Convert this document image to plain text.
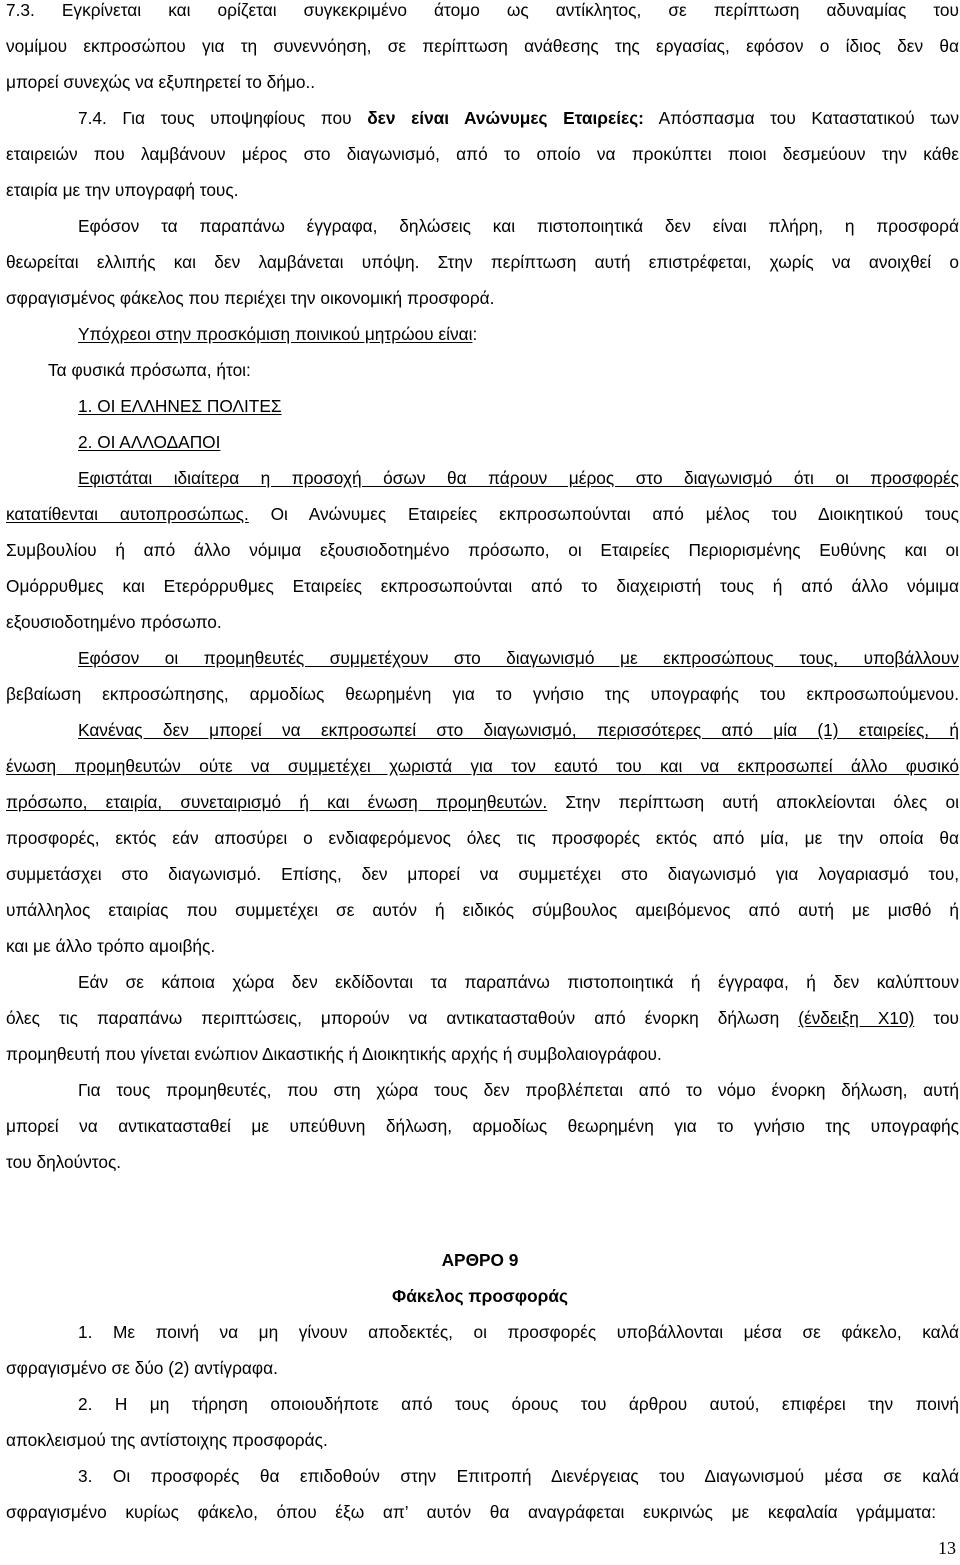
7.3. Εγκρίνεται και ορίζεται συγκεκριμένο άτομο ως αντίκλητος, σε περίπτωση αδυναμίας του
νομίμου εκπροσώπου για τη συνεννόηση, σε περίπτωση ανάθεσης της εργασίας, εφόσον ο ίδιος δεν θα
μπορεί συνεχώς να εξυπηρετεί το δήμο..
7.4. Για τους υποψηφίους που δεν είναι Ανώνυμες Εταιρείες: Απόσπασμα του Καταστατικού των
εταιρειών που λαμβάνουν μέρος στο διαγωνισμό, από το οποίο να προκύπτει ποιοι δεσμεύουν την κάθε
εταιρία με την υπογραφή τους.
Εφόσον τα παραπάνω έγγραφα, δηλώσεις και πιστοποιητικά δεν είναι πλήρη, η προσφορά
θεωρείται ελλιπής και δεν λαμβάνεται υπόψη. Στην περίπτωση αυτή επιστρέφεται, χωρίς να ανοιχθεί ο
σφραγισμένος φάκελος που περιέχει την οικονομική προσφορά.
Υπόχρεοι στην προσκόμιση ποινικού μητρώου είναι:
Τα φυσικά πρόσωπα, ήτοι:
1. ΟΙ ΕΛΛΗΝΕΣ ΠΟΛΙΤΕΣ
2. ΟΙ ΑΛΛΟΔΑΠΟΙ
Εφιστάται ιδιαίτερα η προσοχή όσων θα πάρουν μέρος στο διαγωνισμό ότι οι προσφορές
κατατίθενται αυτοπροσώπως. Οι Ανώνυμες Εταιρείες εκπροσωπούνται από μέλος του Διοικητικού τους
Συμβουλίου ή από άλλο νόμιμα εξουσιοδοτημένο πρόσωπο, οι Εταιρείες Περιορισμένης Ευθύνης και οι
Ομόρρυθμες και Ετερόρρυθμες Εταιρείες εκπροσωπούνται από το διαχειριστή τους ή από άλλο νόμιμα
εξουσιοδοτημένο πρόσωπο.
Εφόσον οι προμηθευτές συμμετέχουν στο διαγωνισμό με εκπροσώπους τους, υποβάλλουν
βεβαίωση εκπροσώπησης, αρμοδίως θεωρημένη για το γνήσιο της υπογραφής του εκπροσωπούμενου.
Κανένας δεν μπορεί να εκπροσωπεί στο διαγωνισμό, περισσότερες από μία (1) εταιρείες, ή
ένωση προμηθευτών ούτε να συμμετέχει χωριστά για τον εαυτό του και να εκπροσωπεί άλλο φυσικό
πρόσωπο, εταιρία, συνεταιρισμό ή και ένωση προμηθευτών. Στην περίπτωση αυτή αποκλείονται όλες οι
προσφορές, εκτός εάν αποσύρει ο ενδιαφερόμενος όλες τις προσφορές εκτός από μία, με την οποία θα
συμμετάσχει στο διαγωνισμό. Επίσης, δεν μπορεί να συμμετέχει στο διαγωνισμό για λογαριασμό του,
υπάλληλος εταιρίας που συμμετέχει σε αυτόν ή ειδικός σύμβουλος αμειβόμενος από αυτή με μισθό ή
και με άλλο τρόπο αμοιβής.
Εάν σε κάποια χώρα δεν εκδίδονται τα παραπάνω πιστοποιητικά ή έγγραφα, ή δεν καλύπτουν
όλες τις παραπάνω περιπτώσεις, μπορούν να αντικατασταθούν από ένορκη δήλωση (ένδειξη Χ10) του
προμηθευτή που γίνεται ενώπιον Δικαστικής ή Διοικητικής αρχής ή συμβολαιογράφου.
Για τους προμηθευτές, που στη χώρα τους δεν προβλέπεται από το νόμο ένορκη δήλωση, αυτή
μπορεί να αντικατασταθεί με υπεύθυνη δήλωση, αρμοδίως θεωρημένη για το γνήσιο της υπογραφής
του δηλούντος.
ΑΡΘΡΟ 9
Φάκελος προσφοράς
1. Με ποινή να μη γίνουν αποδεκτές, οι προσφορές υποβάλλονται μέσα σε φάκελο, καλά
σφραγισμένο σε δύο (2) αντίγραφα.
2. Η μη τήρηση οποιουδήποτε από τους όρους του άρθρου αυτού, επιφέρει την ποινή
αποκλεισμού της αντίστοιχης προσφοράς.
3. Οι προσφορές θα επιδοθούν στην Επιτροπή Διενέργειας του Διαγωνισμού μέσα σε καλά
σφραγισμένο κυρίως φάκελο, όπου έξω απ’ αυτόν θα αναγράφεται ευκρινώς με κεφαλαία γράμματα:
13
